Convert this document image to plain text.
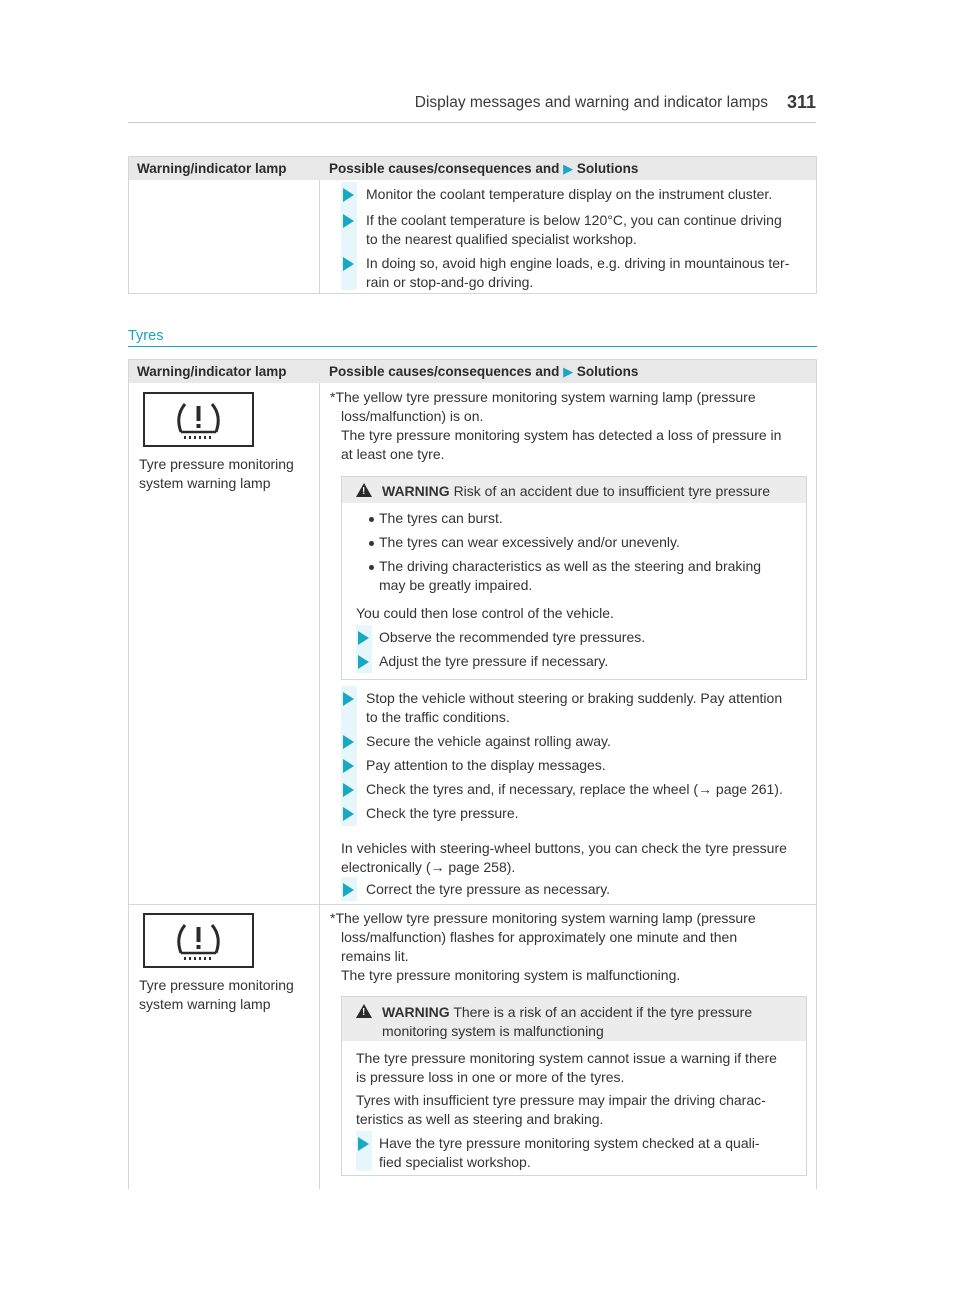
Display messages and warning and indicator lamps 311
Warning/indicator lamp	Possible causes/consequences and ▶ Solutions
Monitor the coolant temperature display on the instrument cluster.
If the coolant temperature is below 120°C, you can continue driving
to the nearest qualified specialist workshop.
In doing so, avoid high engine loads, e.g. driving in mountainous ter-
rain or stop-and-go driving.
Tyres
Warning/indicator lamp	Possible causes/consequences and ▶ Solutions
Tyre pressure monitoring
system warning lamp
*The yellow tyre pressure monitoring system warning lamp (pressure
loss/malfunction) is on.
The tyre pressure monitoring system has detected a loss of pressure in
at least one tyre.
! WARNING Risk of an accident due to insufficient tyre pressure
The tyres can burst.
The tyres can wear excessively and/or unevenly.
The driving characteristics as well as the steering and braking
may be greatly impaired.
You could then lose control of the vehicle.
Observe the recommended tyre pressures.
Adjust the tyre pressure if necessary.
Stop the vehicle without steering or braking suddenly. Pay attention
to the traffic conditions.
Secure the vehicle against rolling away.
Pay attention to the display messages.
Check the tyres and, if necessary, replace the wheel (→ page 261).
Check the tyre pressure.
In vehicles with steering-wheel buttons, you can check the tyre pressure
electronically (→ page 258).
Correct the tyre pressure as necessary.
Tyre pressure monitoring
system warning lamp
*The yellow tyre pressure monitoring system warning lamp (pressure
loss/malfunction) flashes for approximately one minute and then
remains lit.
The tyre pressure monitoring system is malfunctioning.
! WARNING There is a risk of an accident if the tyre pressure
monitoring system is malfunctioning
The tyre pressure monitoring system cannot issue a warning if there
is pressure loss in one or more of the tyres.
Tyres with insufficient tyre pressure may impair the driving charac-
teristics as well as steering and braking.
Have the tyre pressure monitoring system checked at a quali-
fied specialist workshop.
